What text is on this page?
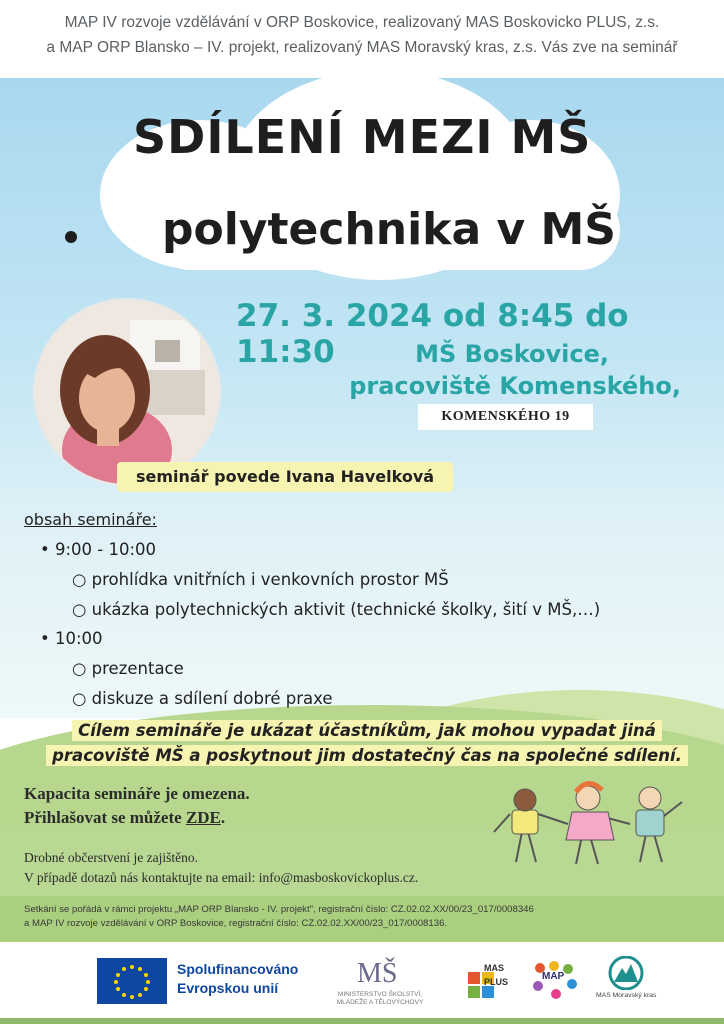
MAP IV rozvoje vzdělávání v ORP Boskovice, realizovaný MAS Boskovicko PLUS, z.s.
a MAP ORP Blansko – IV. projekt, realizovaný MAS Moravský kras, z.s. Vás zve na seminář
SDÍLENÍ MEZI MŠ
polytechnika v MŠ
27. 3. 2024 od 8:45 do 11:30	MŠ Boskovice,
pracoviště Komenského,
KOMENSKÉHO 19
seminář povede Ivana Havelková
obsah semináře:
• 9:00 - 10:00
○ prohlídka vnitřních i venkovních prostor MŠ
○ ukázka polytechnických aktivit (technické školky, šití v MŠ,…)
• 10:00
○ prezentace
○ diskuze a sdílení dobré praxe
Cílem semináře je ukázat účastníkům, jak mohou vypadat jiná
pracoviště MŠ a poskytnout jim dostatečný čas na společné sdílení.
Kapacita semináře je omezena.
Přihlašovat se můžete ZDE.
Drobné občerstvení je zajištěno.
V případě dotazů nás kontaktujte na email: info@masboskovickoplus.cz.
Setkání se pořádá v rámci projektu „MAP ORP Blansko - IV. projekt", registrační číslo: CZ.02.02.XX/00/23_017/0008346
a MAP IV rozvoje vzdělávání v ORP Boskovice, registrační číslo: CZ.02.02.XX/00/23_017/0008136.
Spolufinancováno
Evropskou unií	MŠ
MINISTERSTVO ŠKOLSTVÍ,
MLÁDEŽE A TĚLOVÝCHOVY
MAS
PLUS	MAP
MAS Moravský kras
